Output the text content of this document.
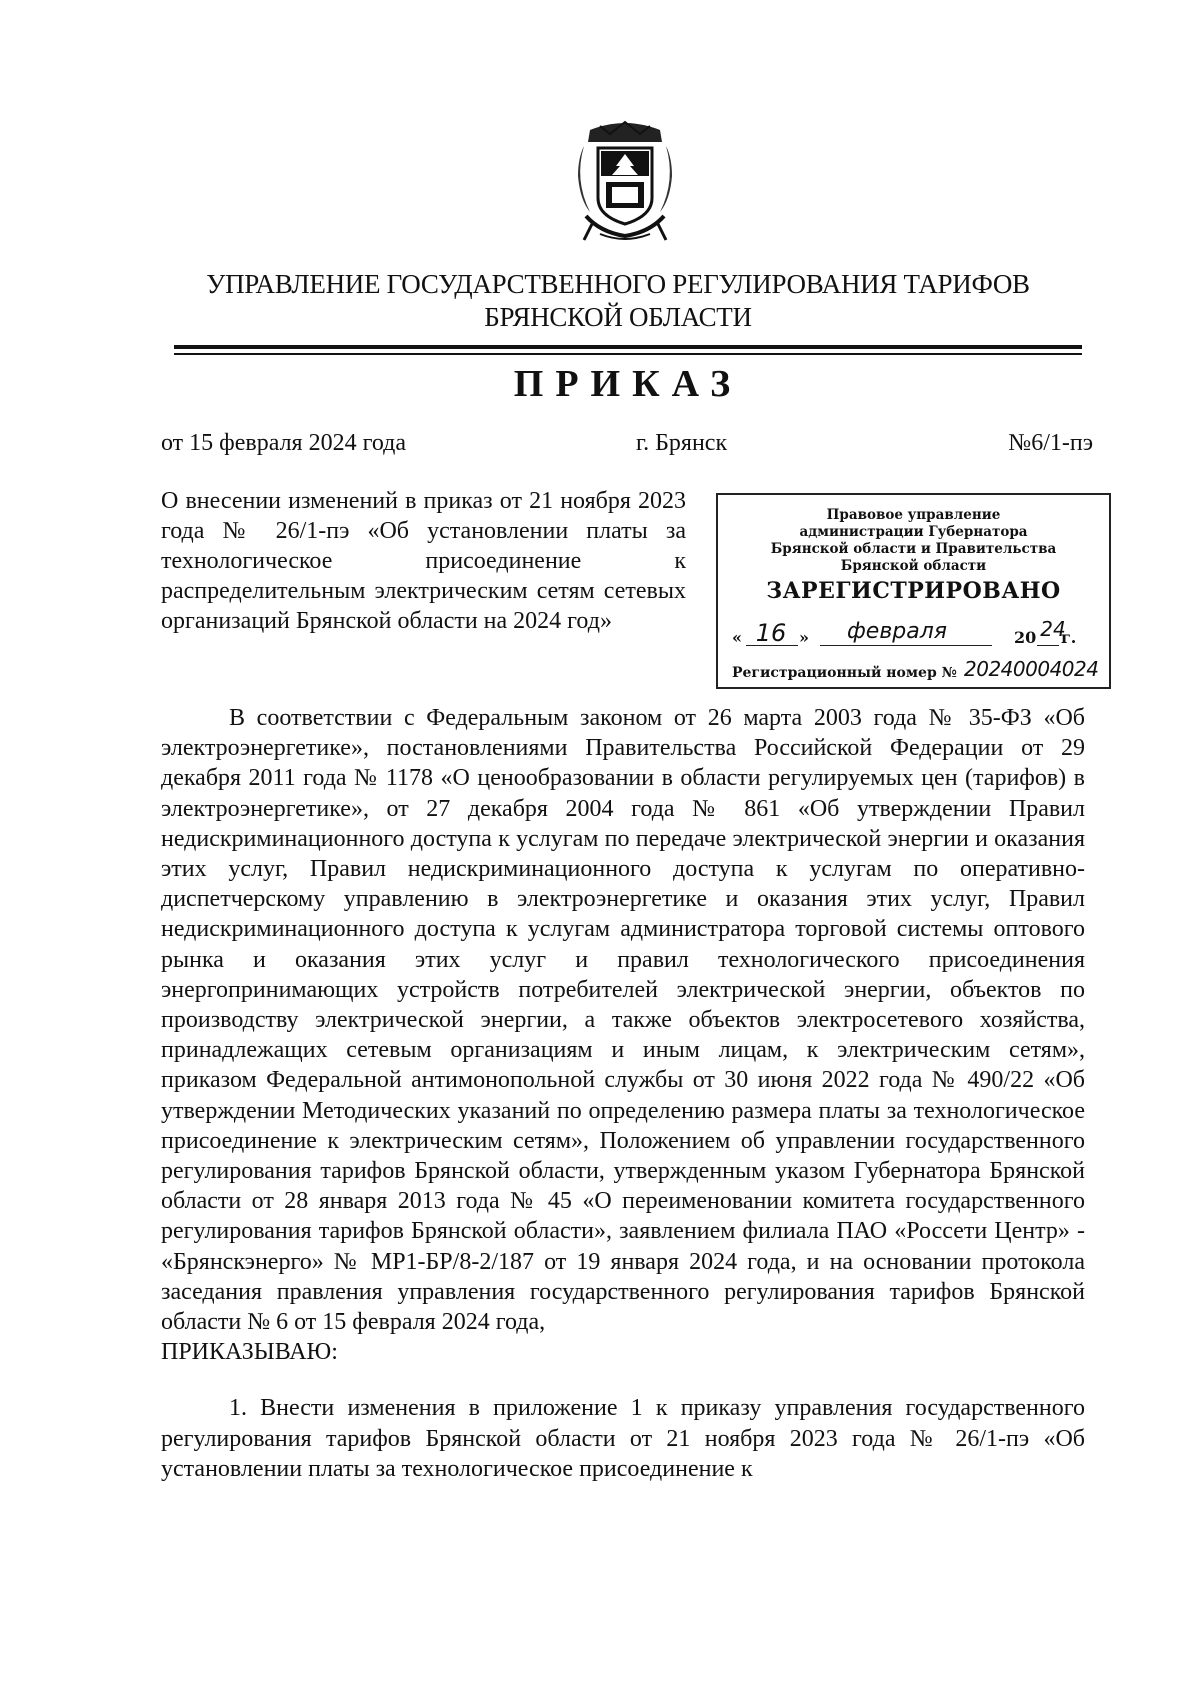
УПРАВЛЕНИЕ ГОСУДАРСТВЕННОГО РЕГУЛИРОВАНИЯ ТАРИФОВ
БРЯНСКОЙ ОБЛАСТИ
ПРИКАЗ
от 15 февраля 2024 года	г. Брянск	№6/1-пэ
О внесении изменений в приказ от 21 ноября 2023 года № 26/1-пэ «Об установлении платы за технологическое присоединение к распределительным электрическим сетям сетевых организаций Брянской области на 2024 год»
Правовое управление
администрации Губернатора
Брянской области и Правительства
Брянской области
ЗАРЕГИСТРИРОВАНО
« 16 »	февраля	20 24
г.
Регистрационный номер № 20240004024

В соответствии с Федеральным законом от 26 марта 2003 года № 35-ФЗ «Об электроэнергетике», постановлениями Правительства Российской Федерации от 29 декабря 2011 года № 1178 «О ценообразовании в области регулируемых цен (тарифов) в электроэнергетике», от 27 декабря 2004 года № 861 «Об утверждении Правил недискриминационного доступа к услугам по передаче электрической энергии и оказания этих услуг, Правил недискриминационного доступа к услугам по оперативно-диспетчерскому управлению в электроэнергетике и оказания этих услуг, Правил недискриминационного доступа к услугам администратора торговой системы оптового рынка и оказания этих услуг и правил технологического присоединения энергопринимающих устройств потребителей электрической энергии, объектов по производству электрической энергии, а также объектов электросетевого хозяйства, принадлежащих сетевым организациям и иным лицам, к электрическим сетям», приказом Федеральной антимонопольной службы от 30 июня 2022 года № 490/22 «Об утверждении Методических указаний по определению размера платы за технологическое присоединение к электрическим сетям», Положением об управлении государственного регулирования тарифов Брянской области, утвержденным указом Губернатора Брянской области от 28 января 2013 года № 45 «О переименовании комитета государственного регулирования тарифов Брянской области», заявлением филиала ПАО «Россети Центр» - «Брянскэнерго» № МР1-БР/8-2/187 от 19 января 2024 года, и на основании протокола заседания правления управления государственного регулирования тарифов Брянской области № 6 от 15 февраля 2024 года,

ПРИКАЗЫВАЮ:

1. Внести изменения в приложение 1 к приказу управления государственного регулирования тарифов Брянской области от 21 ноября 2023 года № 26/1-пэ «Об установлении платы за технологическое присоединение к
